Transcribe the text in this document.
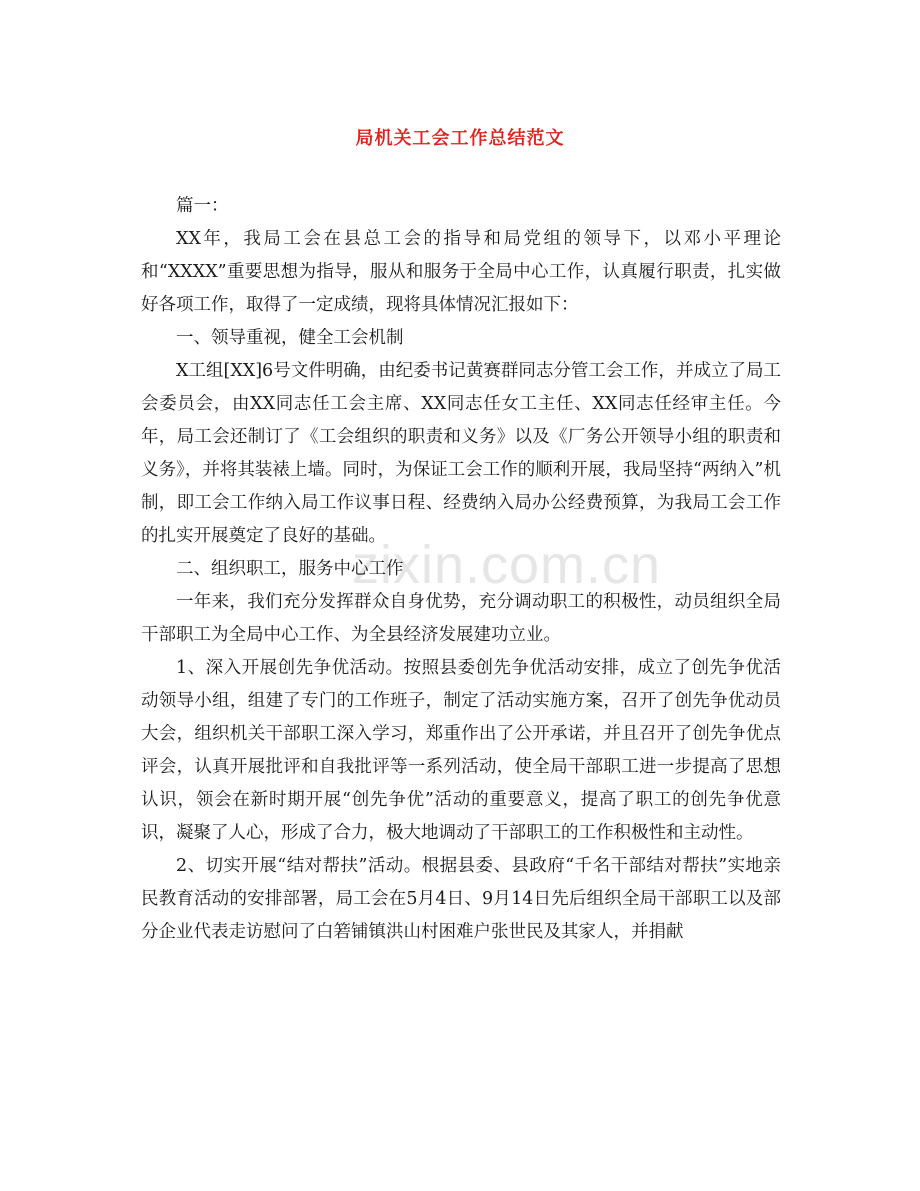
zixin.com.cn
局机关工会工作总结范文

篇一：

XX年，我局工会在县总工会的指导和局党组的领导下，以邓小平理论和“XXXX”重要思想为指导，服从和服务于全局中心工作，认真履行职责，扎实做好各项工作，取得了一定成绩，现将具体情况汇报如下：

一、领导重视，健全工会机制

X工组[XX]6号文件明确，由纪委书记黄赛群同志分管工会工作，并成立了局工会委员会，由XX同志任工会主席、XX同志任女工主任、XX同志任经审主任。今年，局工会还制订了《工会组织的职责和义务》以及《厂务公开领导小组的职责和义务》，并将其装裱上墙。同时，为保证工会工作的顺利开展，我局坚持“两纳入”机制，即工会工作纳入局工作议事日程、经费纳入局办公经费预算，为我局工会工作的扎实开展奠定了良好的基础。

二、组织职工，服务中心工作

一年来，我们充分发挥群众自身优势，充分调动职工的积极性，动员组织全局干部职工为全局中心工作、为全县经济发展建功立业。

1、深入开展创先争优活动。按照县委创先争优活动安排，成立了创先争优活动领导小组，组建了专门的工作班子，制定了活动实施方案，召开了创先争优动员大会，组织机关干部职工深入学习，郑重作出了公开承诺，并且召开了创先争优点评会，认真开展批评和自我批评等一系列活动，使全局干部职工进一步提高了思想认识，领会在新时期开展“创先争优”活动的重要意义，提高了职工的创先争优意识，凝聚了人心，形成了合力，极大地调动了干部职工的工作积极性和主动性。

2、切实开展“结对帮扶”活动。根据县委、县政府“千名干部结对帮扶”实地亲民教育活动的安排部署，局工会在5月4日、9月14日先后组织全局干部职工以及部分企业代表走访慰问了白箬铺镇洪山村困难户张世民及其家人，并捐献
